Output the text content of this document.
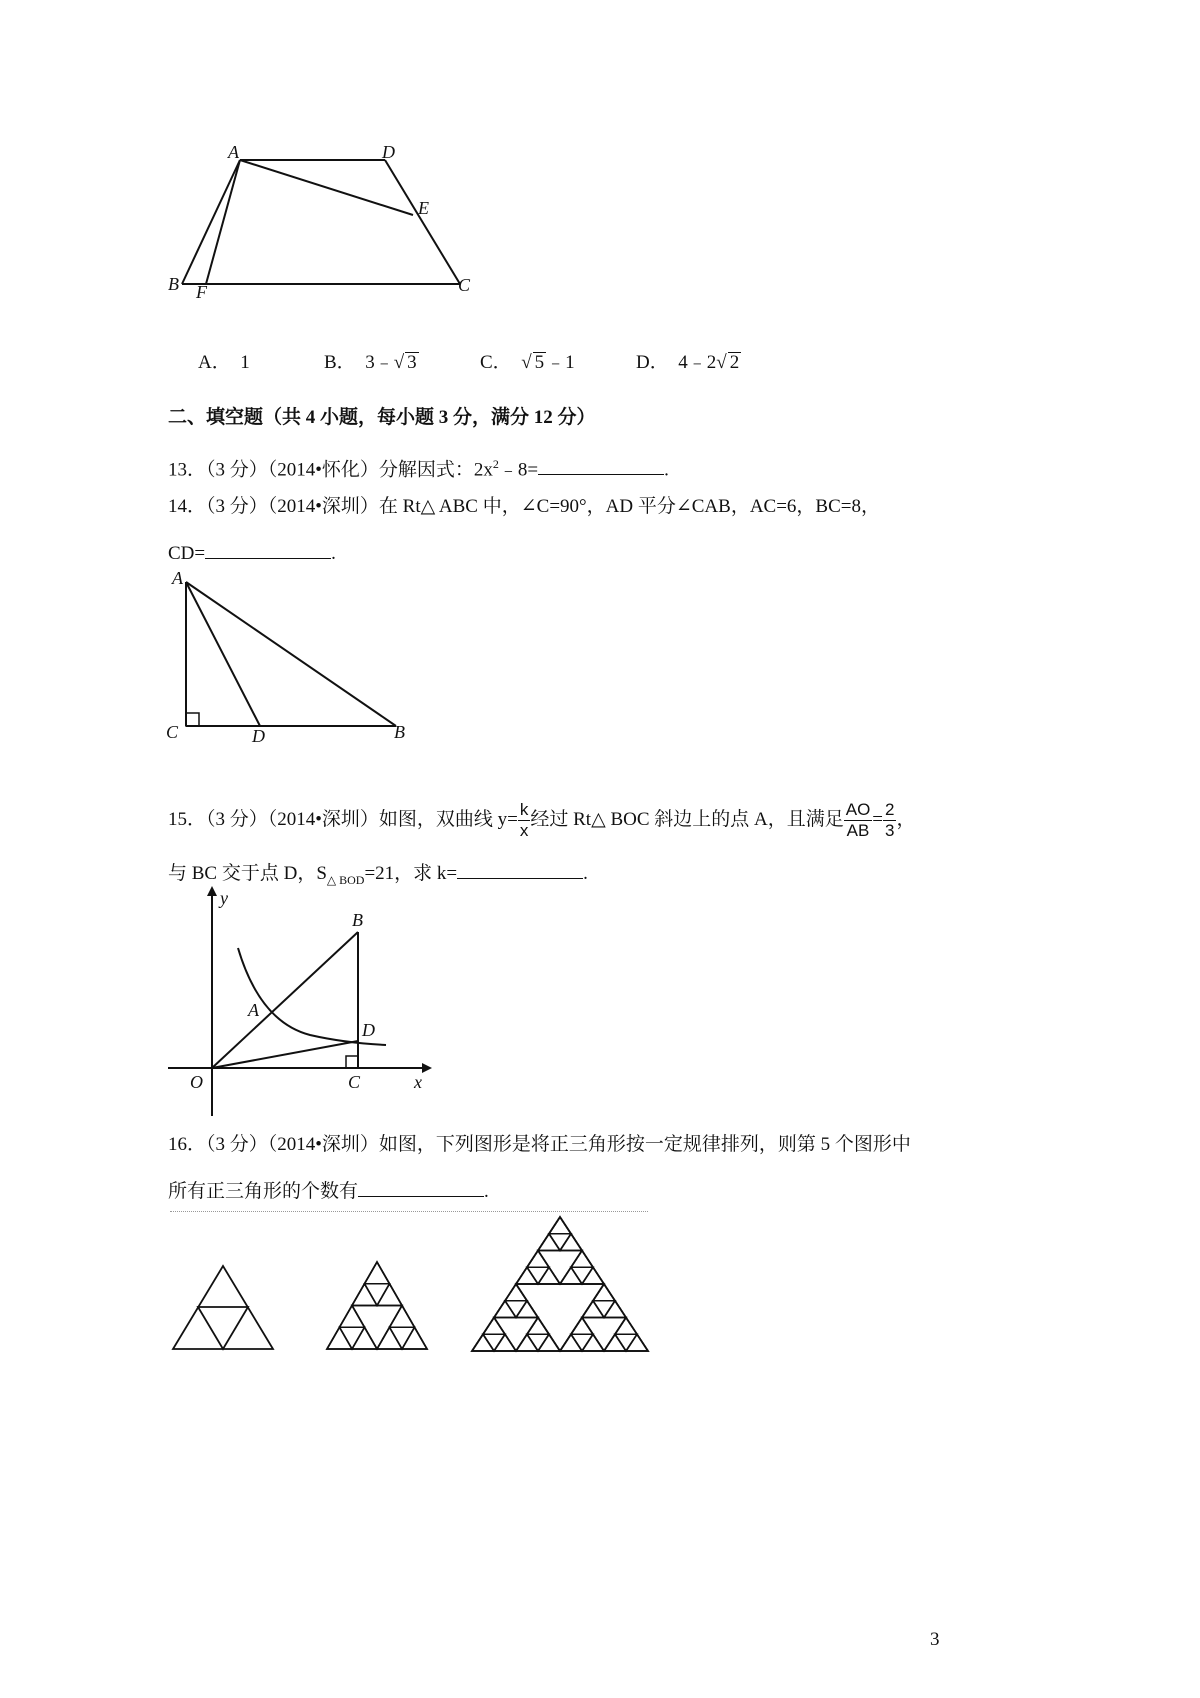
A	D
E
B F	C
A． 1	B． 3﹣√ 3	C．  √ 5 ﹣1	D． 4﹣2√ 2
二、填空题（共 4 小题，每小题 3 分，满分 12 分）
13．（3 分）（2014•怀化）分解因式：$2x^2﹣8=$	.
14．（3 分）（2014•深圳）在 Rt△ ABC 中，∠C=90°，AD 平分∠CAB，AC=6，BC=8，
CD=	.
A
C	D	B
15．（3 分）（2014•深圳）如图，双曲线 $y= \frac{k}{x}$ 经过 Rt△ BOC 斜边上的点 A，且满足 $\frac{AO}{AB} = \frac{2}{3}$ ，
与 BC 交于点 D，$S_{\triangle BOD}=21$，求 k=	.
y
x
B
A
D
O	C
16．（3 分）（2014•深圳）如图，下列图形是将正三角形按一定规律排列，则第 5 个图形中
所有正三角形的个数有	.
3
